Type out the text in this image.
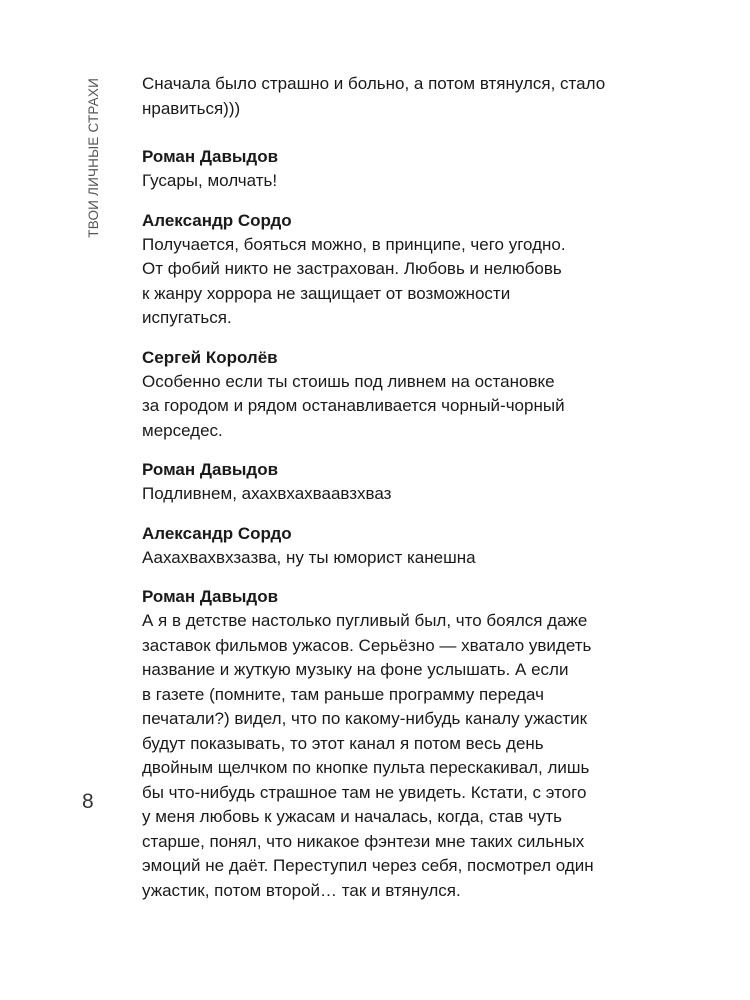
ТВОИ ЛИЧНЫЕ СТРАХИ
8
Сначала было страшно и больно, а потом втянулся, стало
нравиться)))
Роман Давыдов
Гусары, молчать!
Александр Сордо
Получается, бояться можно, в принципе, чего угодно.
От фобий никто не застрахован. Любовь и нелюбовь
к жанру хоррора не защищает от возможности
испугаться.
Сергей Королёв
Особенно если ты стоишь под ливнем на остановке
за городом и рядом останавливается чорный-чорный
мерседес.
Роман Давыдов
Подливнем, ахахвхахваавзхваз
Александр Сордо
Аахахвахвхзазва, ну ты юморист канешна
Роман Давыдов
А я в детстве настолько пугливый был, что боялся даже
заставок фильмов ужасов. Серьёзно — хватало увидеть
название и жуткую музыку на фоне услышать. А если
в газете (помните, там раньше программу передач
печатали?) видел, что по какому-нибудь каналу ужастик
будут показывать, то этот канал я потом весь день
двойным щелчком по кнопке пульта перескакивал, лишь
бы что-нибудь страшное там не увидеть. Кстати, с этого
у меня любовь к ужасам и началась, когда, став чуть
старше, понял, что никакое фэнтези мне таких сильных
эмоций не даёт. Переступил через себя, посмотрел один
ужастик, потом второй… так и втянулся.
